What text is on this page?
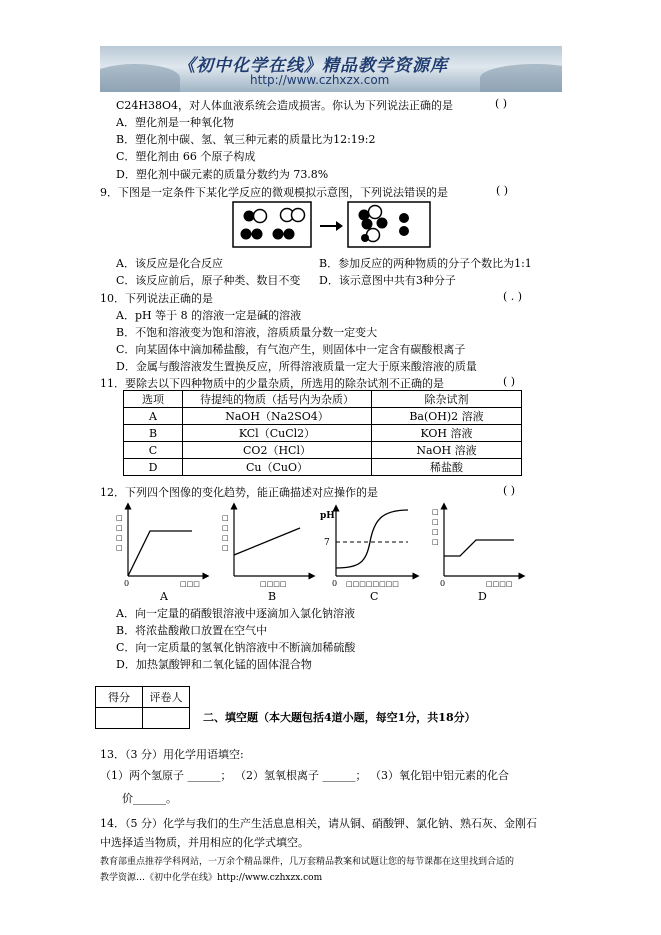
《初中化学在线》精品教学资源库
http://www.czhxzx.com
C24H38O4，对人体血液系统会造成损害。你认为下列说法正确的是	( )
A．塑化剂是一种氧化物
B．塑化剂中碳、氢、氧三种元素的质量比为12:19:2
C．塑化剂由 66 个原子构成
D．塑化剂中碳元素的质量分数约为 73.8%
9．下图是一定条件下某化学反应的微观模拟示意图，下列说法错误的是	( )
A．该反应是化合反应	B．参加反应的两种物质的分子个数比为1:1
C．该反应前后，原子种类、数目不变 D．该示意图中共有3种分子
10．下列说法正确的是	( . )
A．pH 等于 8 的溶液一定是碱的溶液
B．不饱和溶液变为饱和溶液，溶质质量分数一定变大
C．向某固体中滴加稀盐酸，有气泡产生，则固体中一定含有碳酸根离子
D．金属与酸溶液发生置换反应，所得溶液质量一定大于原来酸溶液的质量
11．要除去以下四种物质中的少量杂质，所选用的除杂试剂不正确的是	( )
选项	待提纯的物质（括号内为杂质）	除杂试剂
A	NaOH（Na2SO4）	Ba(OH)2 溶液
B	KCl（CuCl2）	KOH 溶液
C	CO2（HCl）	NaOH 溶液
D	Cu（CuO）	稀盐酸
12．下列四个图像的变化趋势，能正确描述对应操作的是	( )
0
□
□
□
□
□□□
□
□
□
□
□□□□
pH
7
0 □□□□□□□□
□
□
□
□
0	□□□□
A	B	C	D
A．向一定量的硝酸银溶液中逐滴加入氯化钠溶液
B．将浓盐酸敞口放置在空气中
C．向一定质量的氢氧化钠溶液中不断滴加稀硫酸
D．加热氯酸钾和二氧化锰的固体混合物
得分	评卷人

二、填空题（本大题包括4道小题，每空1分，共18分）
13．（3 分）用化学用语填空:
（1）两个氢原子 ______； （2）氢氧根离子 ______； （3）氧化铝中铝元素的化合
价______。
14．（5 分）化学与我们的生产生活息息相关，请从铜、硝酸钾、氯化钠、熟石灰、金刚石
中选择适当物质，并用相应的化学式填空。
教育部重点推荐学科网站，一万余个精品课件，几万套精品教案和试题让您的每节课都在这里找到合适的
教学资源…《初中化学在线》http://www.czhxzx.com
